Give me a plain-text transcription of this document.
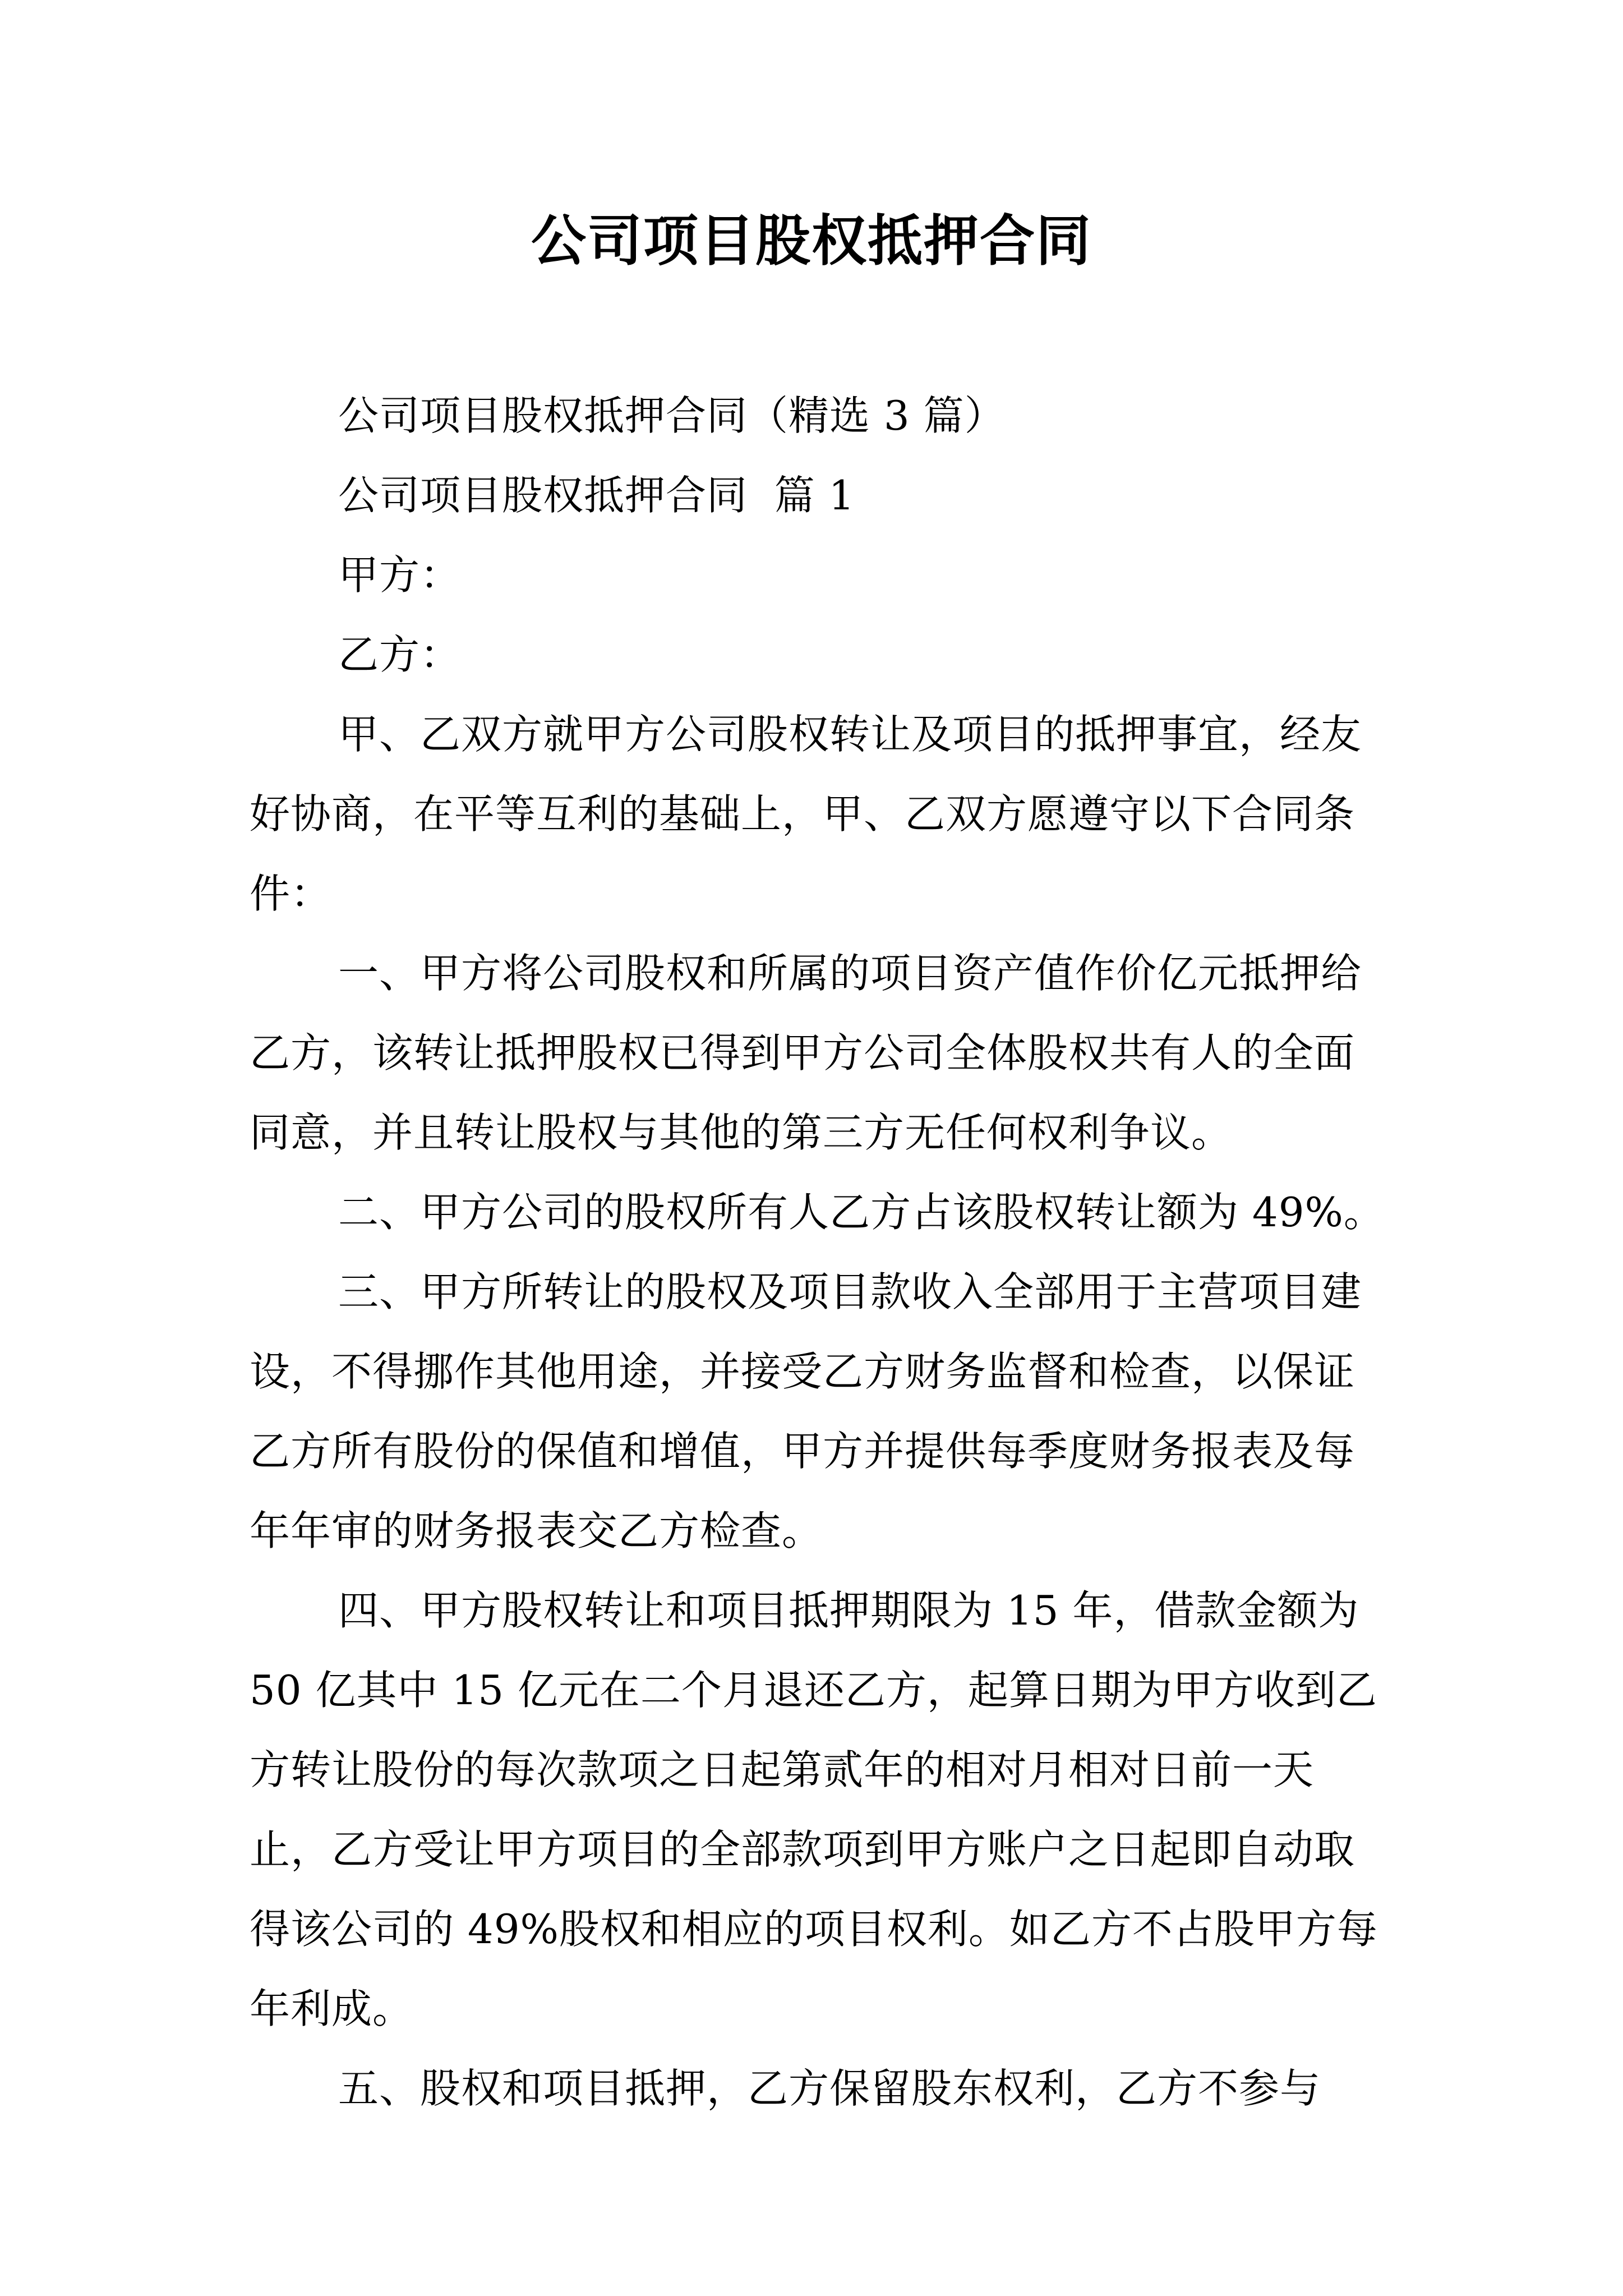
公司项目股权抵押合同

公司项目股权抵押合同（精选 3 篇）

公司项目股权抵押合同  篇 1

甲方：

乙方：

甲、乙双方就甲方公司股权转让及项目的抵押事宜，经友好协商，在平等互利的基础上，甲、乙双方愿遵守以下合同条件：

一、甲方将公司股权和所属的项目资产值作价亿元抵押给乙方，该转让抵押股权已得到甲方公司全体股权共有人的全面同意，并且转让股权与其他的第三方无任何权利争议。

二、甲方公司的股权所有人乙方占该股权转让额为 49%。

三、甲方所转让的股权及项目款收入全部用于主营项目建设，不得挪作其他用途，并接受乙方财务监督和检查，以保证乙方所有股份的保值和增值，甲方并提供每季度财务报表及每年年审的财务报表交乙方检查。

四、甲方股权转让和项目抵押期限为 15 年，借款金额为 50 亿其中 15 亿元在二个月退还乙方，起算日期为甲方收到乙方转让股份的每次款项之日起第贰年的相对月相对日前一天止，乙方受让甲方项目的全部款项到甲方账户之日起即自动取得该公司的 49%股权和相应的项目权利。如乙方不占股甲方每年利成。

五、股权和项目抵押，乙方保留股东权利，乙方不参与
